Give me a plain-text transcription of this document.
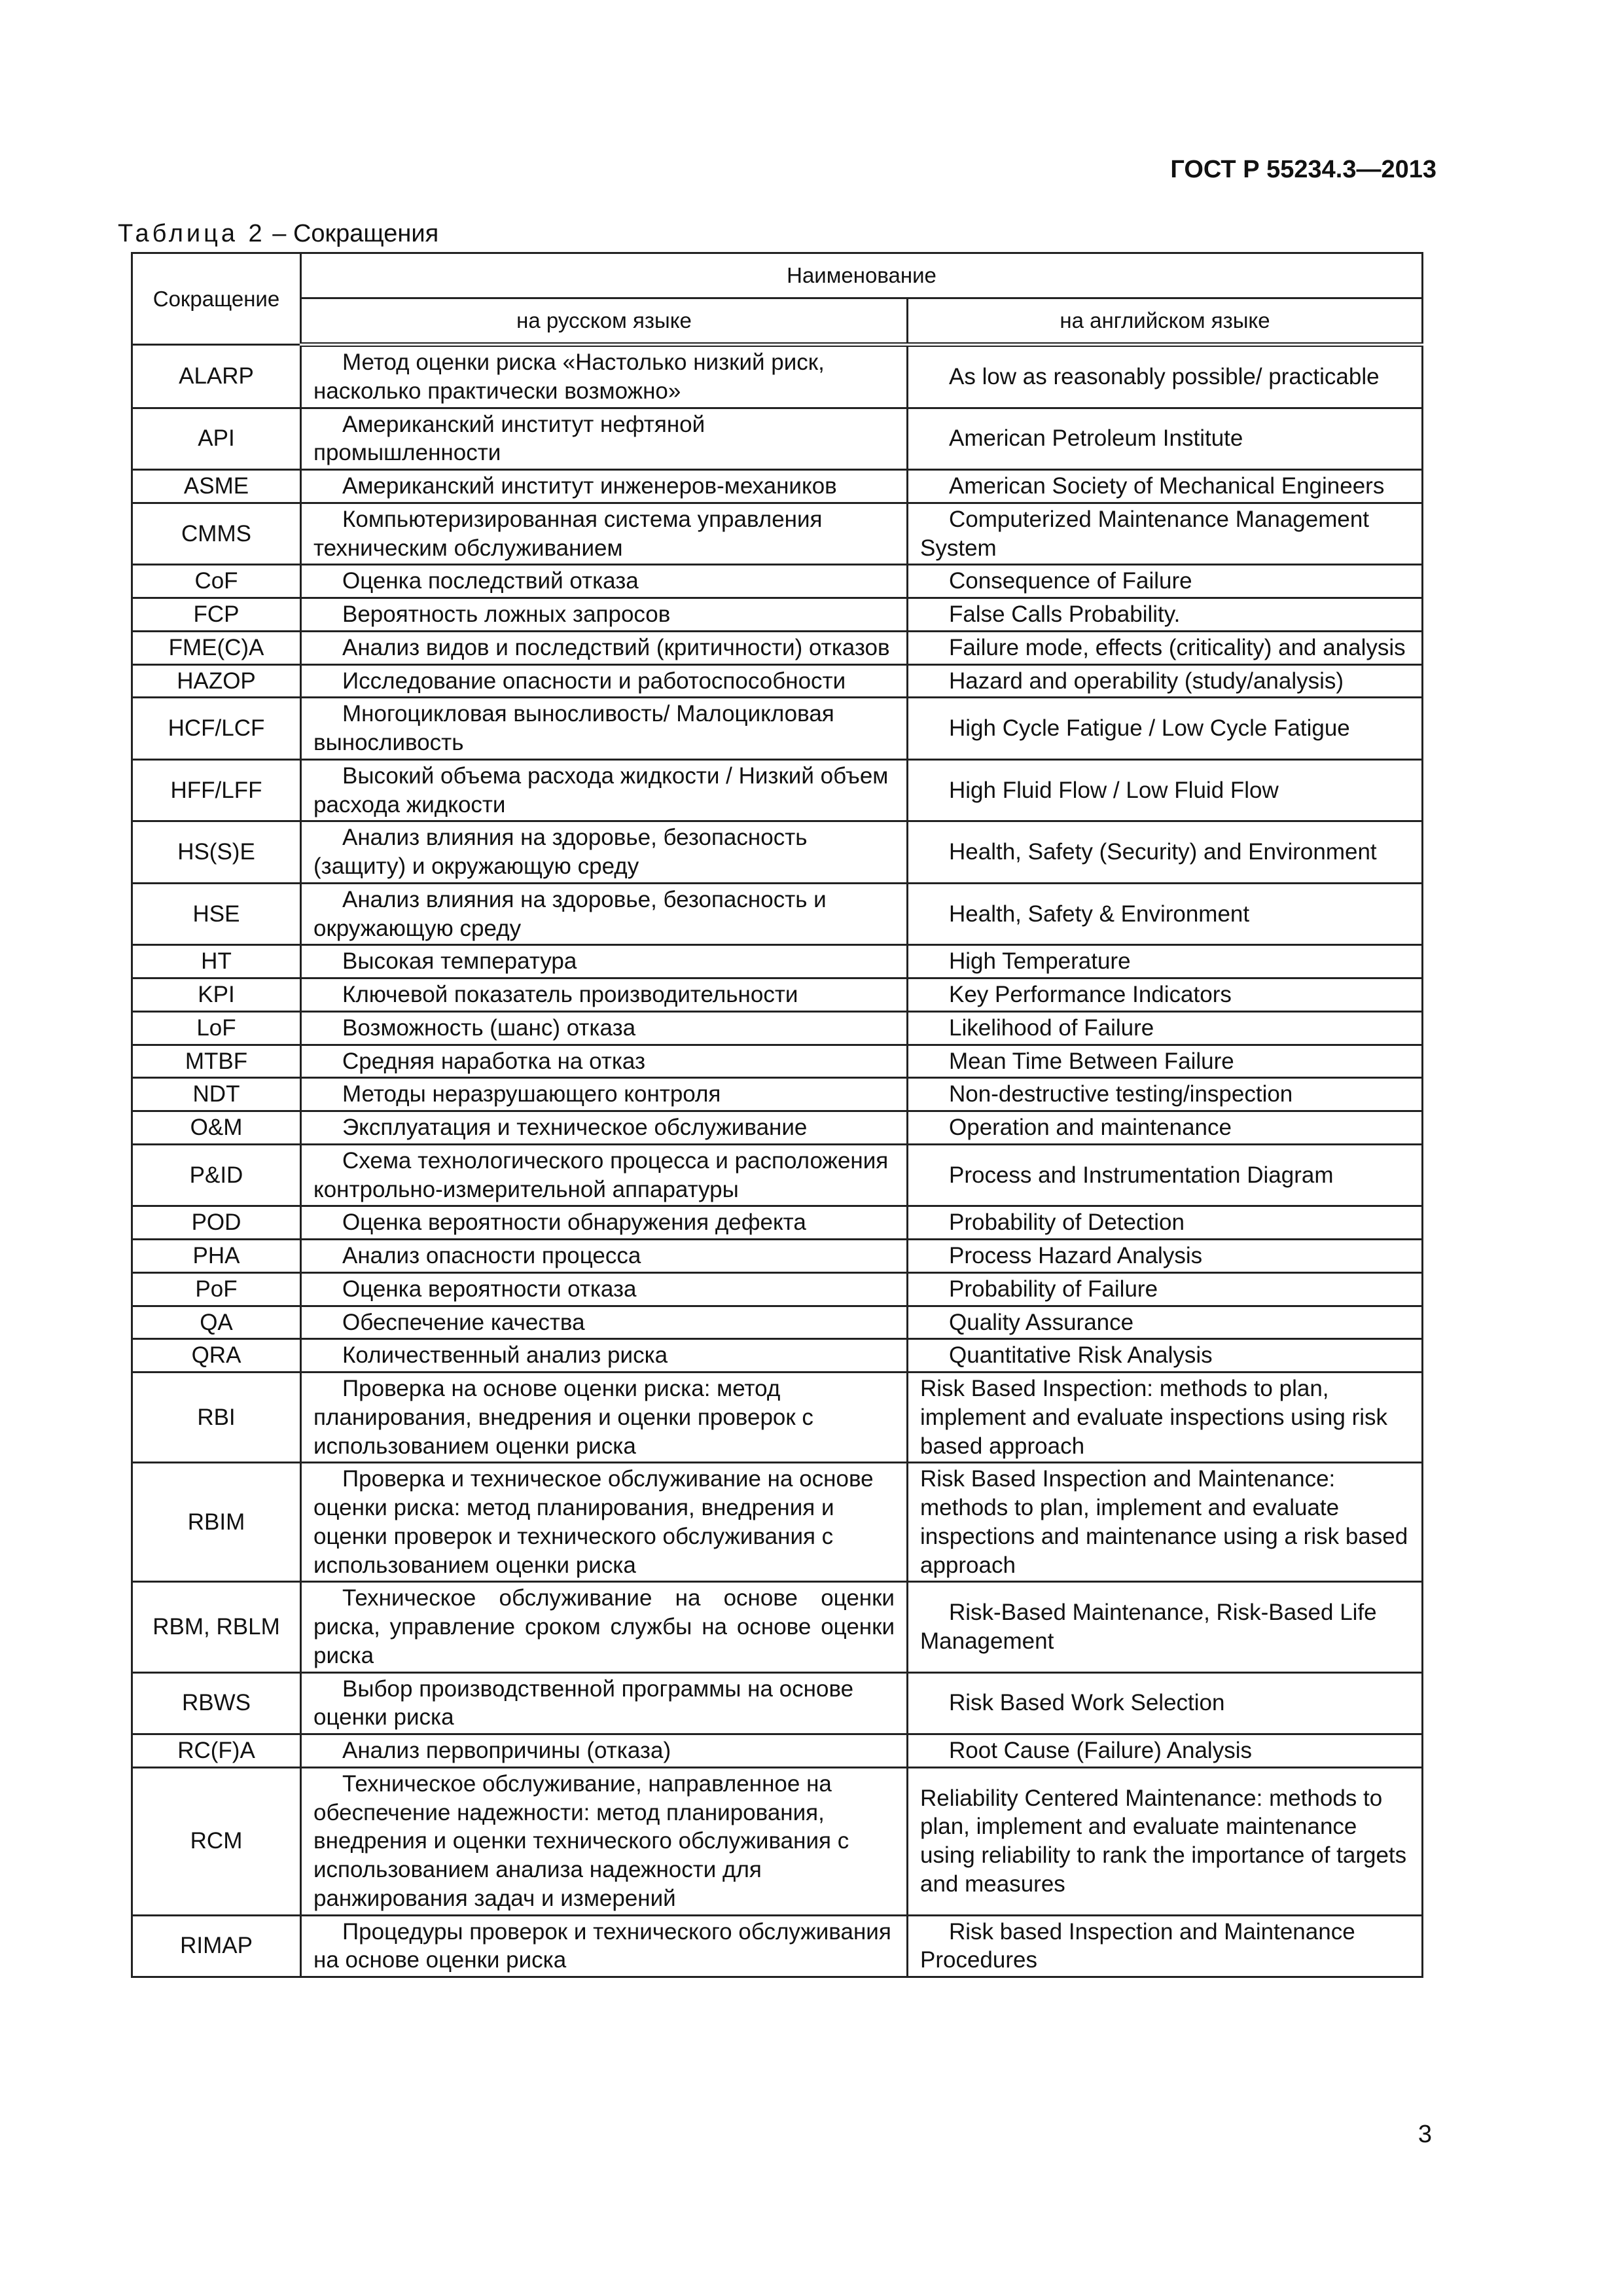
ГОСТ Р 55234.3—2013
Таблица 2 – Сокращения
Сокращение	Наименование	
	на русском языке	на английском языке
ALARP	Метод оценки риска «Настолько низкий риск, насколько практически возможно»	As low as reasonably possible/ practicable
API	Американский институт нефтяной промышленности	American Petroleum Institute
ASME	Американский институт инженеров-механиков	American Society of Mechanical Engineers
CMMS	Компьютеризированная система управления техническим обслуживанием	Computerized Maintenance Management System
CoF	Оценка последствий отказа	Consequence of Failure
FCP	Вероятность ложных запросов	False Calls Probability.
FME(C)A	Анализ видов и последствий (критичности) отказов	Failure mode, effects (criticality) and analysis
HAZOP	Исследование опасности и работоспособности	Hazard and operability (study/analysis)
HCF/LCF	Многоцикловая выносливость/ Малоцикловая выносливость	High Cycle Fatigue / Low Cycle Fatigue
HFF/LFF	Высокий объема расхода жидкости / Низкий объем расхода жидкости	High Fluid Flow / Low Fluid Flow
HS(S)E	Анализ влияния на здоровье, безопасность (защиту) и окружающую среду	Health, Safety (Security) and Environment
HSE	Анализ влияния на здоровье, безопасность и окружающую среду	Health, Safety & Environment
HT	Высокая температура	High Temperature
KPI	Ключевой показатель производительности	Key Performance Indicators
LoF	Возможность (шанс) отказа	Likelihood of Failure
MTBF	Средняя наработка на отказ	Mean Time Between Failure
NDT	Методы неразрушающего контроля	Non-destructive testing/inspection
O&M	Эксплуатация и техническое обслуживание	Operation and maintenance
P&ID	Схема технологического процесса и расположения контрольно-измерительной аппаратуры	Process and Instrumentation Diagram
POD	Оценка вероятности обнаружения дефекта	Probability of Detection
PHA	Анализ опасности процесса	Process Hazard Analysis
PoF	Оценка вероятности отказа	Probability of Failure
QA	Обеспечение качества	Quality Assurance
QRA	Количественный анализ риска	Quantitative Risk Analysis
RBI	Проверка на основе оценки риска: метод планирования, внедрения и оценки проверок с использованием оценки риска	Risk Based Inspection: methods to plan, implement and evaluate inspections using risk based approach
RBIM	Проверка и техническое обслуживание на основе оценки риска: метод планирования, внедрения и оценки проверок и технического обслуживания с использованием оценки риска	Risk Based Inspection and Maintenance: methods to plan, implement and evaluate inspections and maintenance using a risk based approach
RBM, RBLM	Техническое обслуживание на основе оценки риска, управление сроком службы на основе оценки риска	Risk-Based Maintenance, Risk-Based Life Management
RBWS	Выбор производственной программы на основе оценки риска	Risk Based Work Selection
RC(F)A	Анализ первопричины (отказа)	Root Cause (Failure) Analysis
RCM	Техническое обслуживание, направленное на обеспечение надежности: метод планирования, внедрения и оценки технического обслуживания с использованием анализа надежности для ранжирования задач и измерений	Reliability Centered Maintenance: methods to plan, implement and evaluate maintenance using reliability to rank the importance of targets and measures
RIMAP	Процедуры проверок и технического обслуживания на основе оценки риска	Risk based Inspection and Maintenance Procedures
3
